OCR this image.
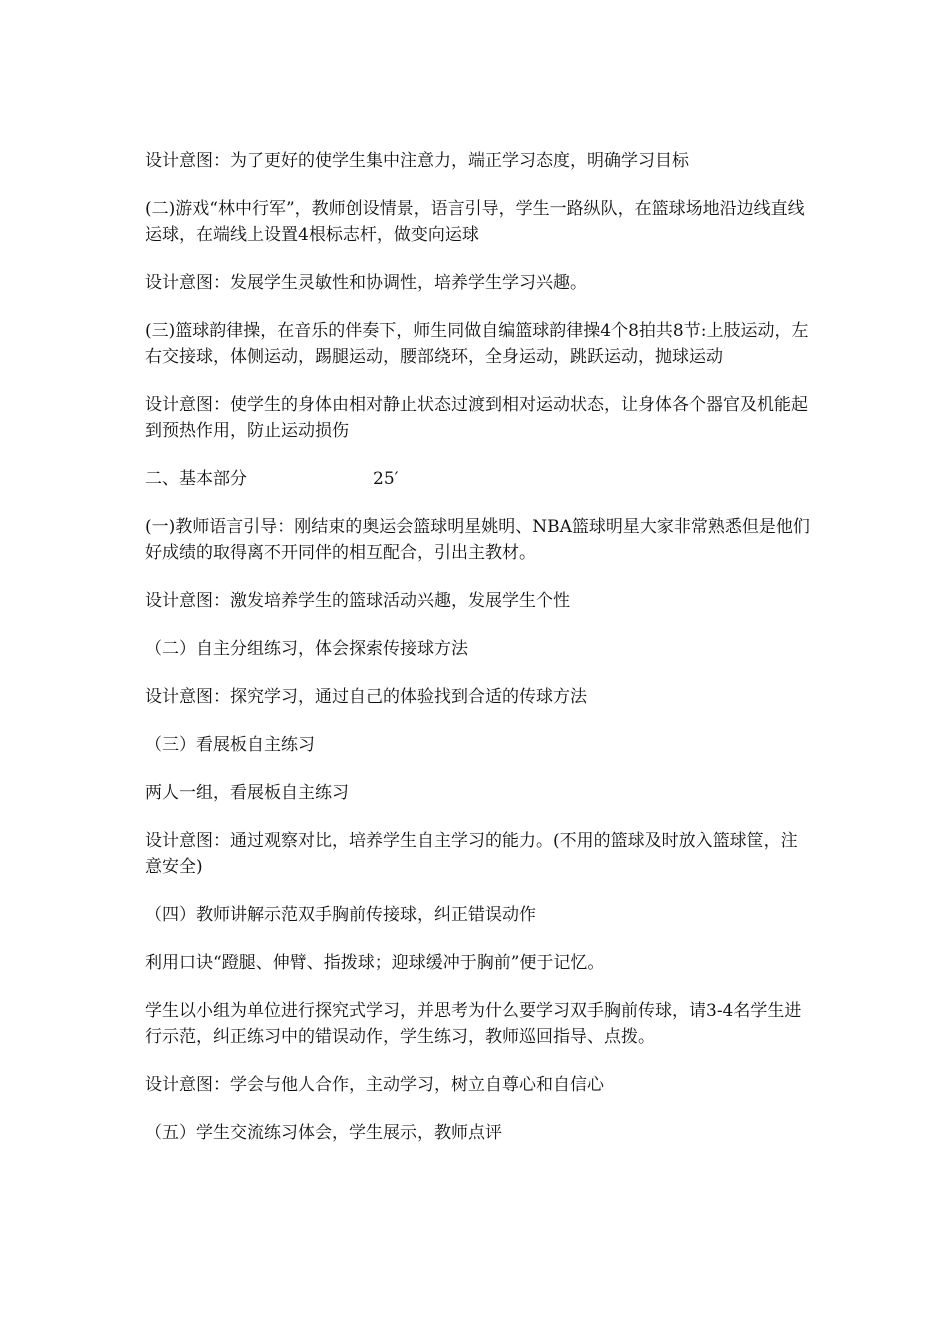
设计意图：为了更好的使学生集中注意力，端正学习态度，明确学习目标

(二)游戏“林中行军”，教师创设情景，语言引导，学生一路纵队，在篮球场地沿边线直线运球，在端线上设置4根标志杆，做变向运球

设计意图：发展学生灵敏性和协调性，培养学生学习兴趣。

(三)篮球韵律操，在音乐的伴奏下，师生同做自编篮球韵律操4个8拍共8节:上肢运动，左右交接球，体侧运动，踢腿运动，腰部绕环，全身运动，跳跃运动，抛球运动

设计意图：使学生的身体由相对静止状态过渡到相对运动状态，让身体各个器官及机能起到预热作用，防止运动损伤

二、基本部分	25′

(一)教师语言引导：刚结束的奥运会篮球明星姚明、NBA篮球明星大家非常熟悉但是他们好成绩的取得离不开同伴的相互配合，引出主教材。

设计意图：激发培养学生的篮球活动兴趣，发展学生个性

（二）自主分组练习，体会探索传接球方法

设计意图：探究学习，通过自己的体验找到合适的传球方法

（三）看展板自主练习

两人一组，看展板自主练习

设计意图：通过观察对比，培养学生自主学习的能力。(不用的篮球及时放入篮球筐，注意安全)

（四）教师讲解示范双手胸前传接球，纠正错误动作

利用口诀“蹬腿、伸臂、指拨球；迎球缓冲于胸前”便于记忆。

学生以小组为单位进行探究式学习，并思考为什么要学习双手胸前传球，请3-4名学生进行示范，纠正练习中的错误动作，学生练习，教师巡回指导、点拨。

设计意图：学会与他人合作，主动学习，树立自尊心和自信心

（五）学生交流练习体会，学生展示，教师点评
